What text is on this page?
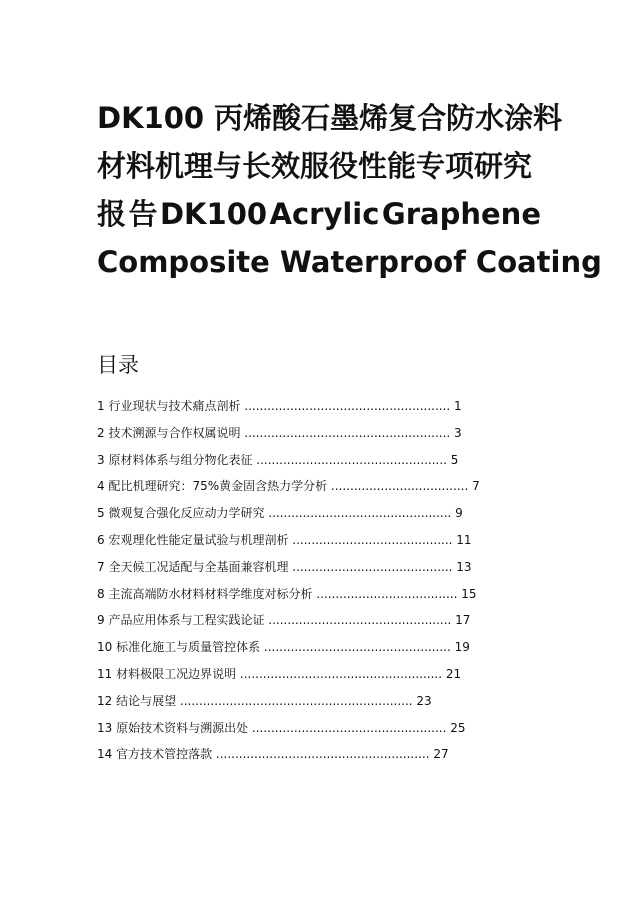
DK100 丙烯酸石墨烯复合防水涂料
材料机理与长效服役性能专项研究
报 告 DK100 Acrylic Graphene
Composite Waterproof Coating
目录
1 行业现状与技术痛点剖析 ...................................................... 1
2 技术溯源与合作权属说明 ...................................................... 3
3 原材料体系与组分物化表征 .................................................. 5
4 配比机理研究：75%黄金固含热力学分析 .................................... 7
5 微观复合强化反应动力学研究 ................................................ 9
6 宏观理化性能定量试验与机理剖析 .......................................... 11
7 全天候工况适配与全基面兼容机理 .......................................... 13
8 主流高端防水材料材料学维度对标分析 ..................................... 15
9 产品应用体系与工程实践论证 ................................................ 17
10 标准化施工与质量管控体系 ................................................. 19
11 材料极限工况边界说明 ..................................................... 21
12 结论与展望 ............................................................. 23
13 原始技术资料与溯源出处 ................................................... 25
14 官方技术管控落款 ........................................................ 27
